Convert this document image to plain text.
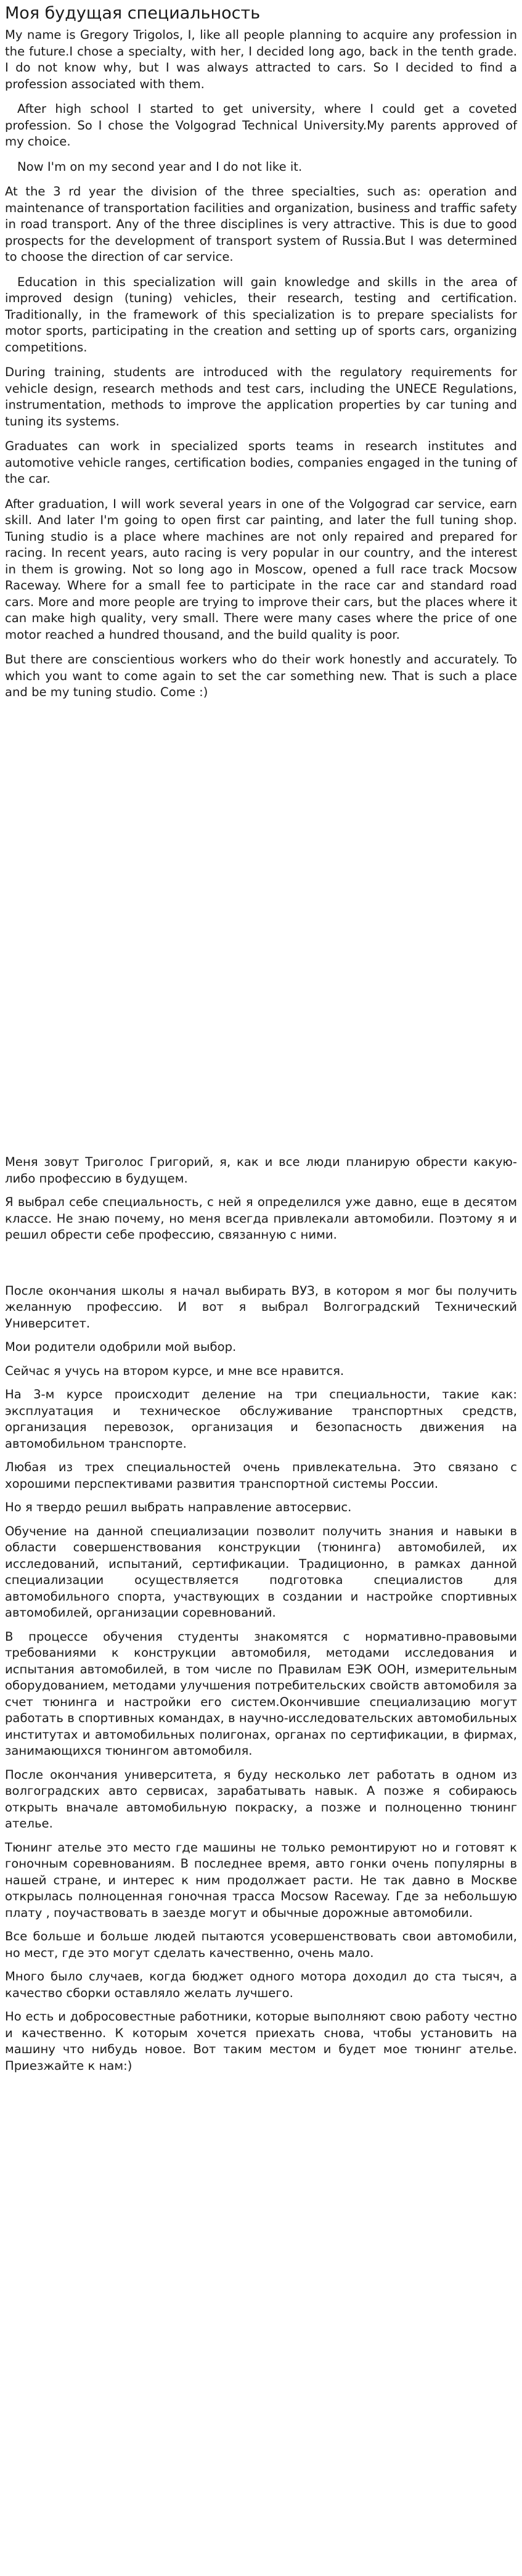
Моя будущая специальность

My name is Gregory Trigolos, I, like all people planning to acquire any profession in the future.I chose a specialty, with her, I decided long ago, back in the tenth grade. I do not know why, but I was always attracted to cars. So I decided to find a profession associated with them.

After high school I started to get university, where I could get a coveted profession. So I chose the Volgograd Technical University.My parents approved of my choice.

Now I'm on my second year and I do not like it.

At the 3 rd year the division of the three specialties, such as: operation and maintenance of transportation facilities and organization, business and traffic safety in road transport. Any of the three disciplines is very attractive. This is due to good prospects for the development of transport system of Russia.But I was determined to choose the direction of car service.

Education in this specialization will gain knowledge and skills in the area of improved design (tuning) vehicles, their research, testing and certification. Traditionally, in the framework of this specialization is to prepare specialists for motor sports, participating in the creation and setting up of sports cars, organizing competitions.

During training, students are introduced with the regulatory requirements for vehicle design, research methods and test cars, including the UNECE Regulations, instrumentation, methods to improve the application properties by car tuning and tuning its systems.

Graduates can work in specialized sports teams in research institutes and automotive vehicle ranges, certification bodies, companies engaged in the tuning of the car.

After graduation, I will work several years in one of the Volgograd car service, earn skill. And later I'm going to open first car painting, and later the full tuning shop. Tuning studio is a place where machines are not only repaired and prepared for racing. In recent years, auto racing is very popular in our country, and the interest in them is growing. Not so long ago in Moscow, opened a full race track Mocsow Raceway. Where for a small fee to participate in the race car and standard road cars. More and more people are trying to improve their cars, but the places where it can make high quality, very small. There were many cases where the price of one motor reached a hundred thousand, and the build quality is poor.

But there are conscientious workers who do their work honestly and accurately. To which you want to come again to set the car something new. That is such a place and be my tuning studio. Come :)

Меня зовут Триголос Григорий, я, как и все люди планирую обрести какую-либо профессию в будущем.

Я выбрал себе специальность, с ней я определился уже давно, еще в десятом классе. Не знаю почему, но меня всегда привлекали автомобили. Поэтому я и решил обрести себе профессию, связанную с ними.

После окончания школы я начал выбирать ВУЗ, в котором я мог бы получить желанную профессию. И вот я выбрал Волгоградский Технический Университет.

Мои родители одобрили мой выбор.

Сейчас я учусь на втором курсе, и мне все нравится.

На 3-м курсе происходит деление на три специальности, такие как: эксплуатация и техническое обслуживание транспортных средств, организация перевозок, организация и безопасность движения на автомобильном транспорте.

Любая из трех специальностей очень привлекательна. Это связано с хорошими перспективами развития транспортной системы России.

Но я твердо решил выбрать направление автосервис.

Обучение на данной специализации позволит получить знания и навыки в области совершенствования конструкции (тюнинга) автомобилей, их исследований, испытаний, сертификации. Традиционно, в рамках данной специализации осуществляется подготовка специалистов для автомобильного спорта, участвующих в создании и настройке спортивных автомобилей, организации соревнований.

В процессе обучения студенты знакомятся с нормативно-правовыми требованиями к конструкции автомобиля, методами исследования и испытания автомобилей, в том числе по Правилам ЕЭК ООН, измерительным оборудованием, методами улучшения потребительских свойств автомобиля за счет тюнинга и настройки его систем.Окончившие специализацию могут работать в спортивных командах, в научно-исследовательских автомобильных институтах и автомобильных полигонах, органах по сертификации, в фирмах, занимающихся тюнингом автомобиля.

После окончания университета, я буду несколько лет работать в одном из волгоградских авто сервисах, зарабатывать навык. А позже я собираюсь открыть вначале автомобильную покраску, а позже и полноценно тюнинг ательe.

Тюнинг ательe это место где машины не только ремонтируют но и готовят к гоночным соревнованиям. В последнее время, авто гонки очень популярны в нашей стране, и интерес к ним продолжает расти. Не так давно в Москве открылась полноценная гоночная трасса Mocsow Raceway. Где за небольшую плату , поучаствовать в заезде могут и обычные дорожные автомобили.

Все больше и больше людей пытаются усовершенствовать свои автомобили, но мест, где это могут сделать качественно, очень мало.

Много было случаев, когда бюджет одного мотора доходил до ста тысяч, а качество сборки оставляло желать лучшего.

Но есть и добросовестные работники, которые выполняют свою работу честно и качественно. К которым хочется приехать снова, чтобы установить на машину что нибудь новое. Вот таким местом и будет мое тюнинг ательe. Приезжайте к нам:)
